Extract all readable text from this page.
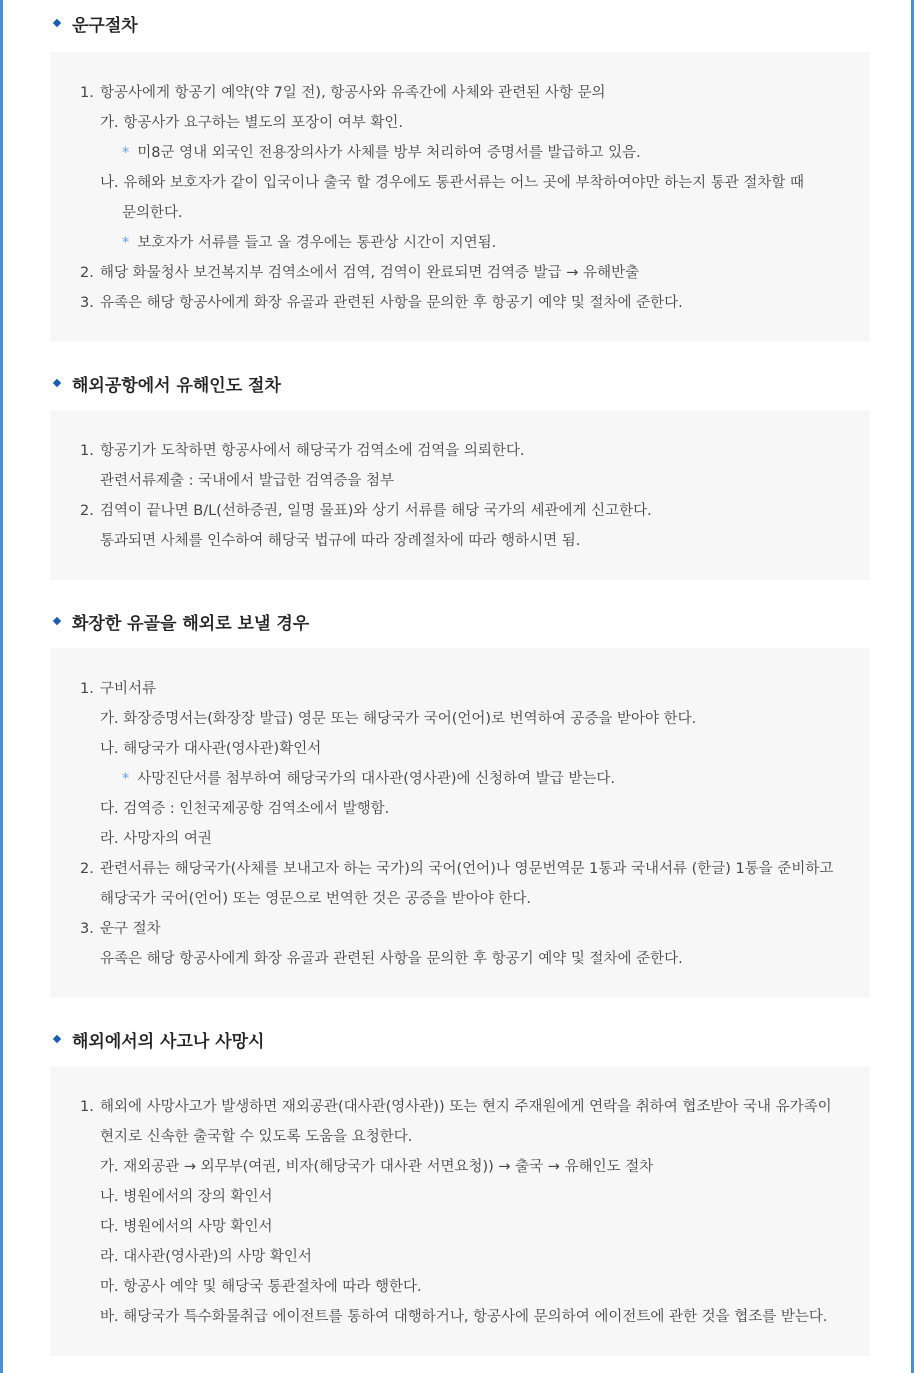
운구절차
1. 항공사에게 항공기 예약(약 7일 전), 항공사와 유족간에 사체와 관련된 사항 문의
가. 항공사가 요구하는 별도의 포장이 여부 확인.
* 미8군 영내 외국인 전용장의사가 사체를 방부 처리하여 증명서를 발급하고 있음.
나. 유해와 보호자가 같이 입국이나 출국 할 경우에도 통관서류는 어느 곳에 부착하여야만 하는지 통관 절차할 때
문의한다.
* 보호자가 서류를 들고 올 경우에는 통관상 시간이 지연됨.
2. 해당 화물청사 보건복지부 검역소에서 검역, 검역이 완료되면 검역증 발급 → 유해반출
3. 유족은 해당 항공사에게 화장 유골과 관련된 사항을 문의한 후 항공기 예약 및 절차에 준한다.
해외공항에서 유해인도 절차
1. 항공기가 도착하면 항공사에서 해당국가 검역소에 검역을 의뢰한다.
관련서류제출 : 국내에서 발급한 검역증을 첨부
2. 검역이 끝나면 B/L(선하증권, 일명 물표)와 상기 서류를 해당 국가의 세관에게 신고한다.
통과되면 사체를 인수하여 해당국 법규에 따라 장례절차에 따라 행하시면 됨.
화장한 유골을 해외로 보낼 경우
1. 구비서류
가. 화장증명서는(화장장 발급) 영문 또는 해당국가 국어(언어)로 번역하여 공증을 받아야 한다.
나. 해당국가 대사관(영사관)확인서
* 사망진단서를 첨부하여 해당국가의 대사관(영사관)에 신청하여 발급 받는다.
다. 검역증 : 인천국제공항 검역소에서 발행함.
라. 사망자의 여권
2. 관련서류는 해당국가(사체를 보내고자 하는 국가)의 국어(언어)나 영문번역문 1통과 국내서류 (한글) 1통을 준비하고
해당국가 국어(언어) 또는 영문으로 번역한 것은 공증을 받아야 한다.
3. 운구 절차
유족은 해당 항공사에게 화장 유골과 관련된 사항을 문의한 후 항공기 예약 및 절차에 준한다.
해외에서의 사고나 사망시
1. 해외에 사망사고가 발생하면 재외공관(대사관(영사관)) 또는 현지 주재원에게 연락을 취하여 협조받아 국내 유가족이
현지로 신속한 출국할 수 있도록 도움을 요청한다.
가. 재외공관 → 외무부(여권, 비자(해당국가 대사관 서면요청)) → 출국 → 유해인도 절차
나. 병원에서의 장의 확인서
다. 병원에서의 사망 확인서
라. 대사관(영사관)의 사망 확인서
마. 항공사 예약 및 해당국 통관절차에 따라 행한다.
바. 해당국가 특수화물취급 에이전트를 통하여 대행하거나, 항공사에 문의하여 에이전트에 관한 것을 협조를 받는다.
